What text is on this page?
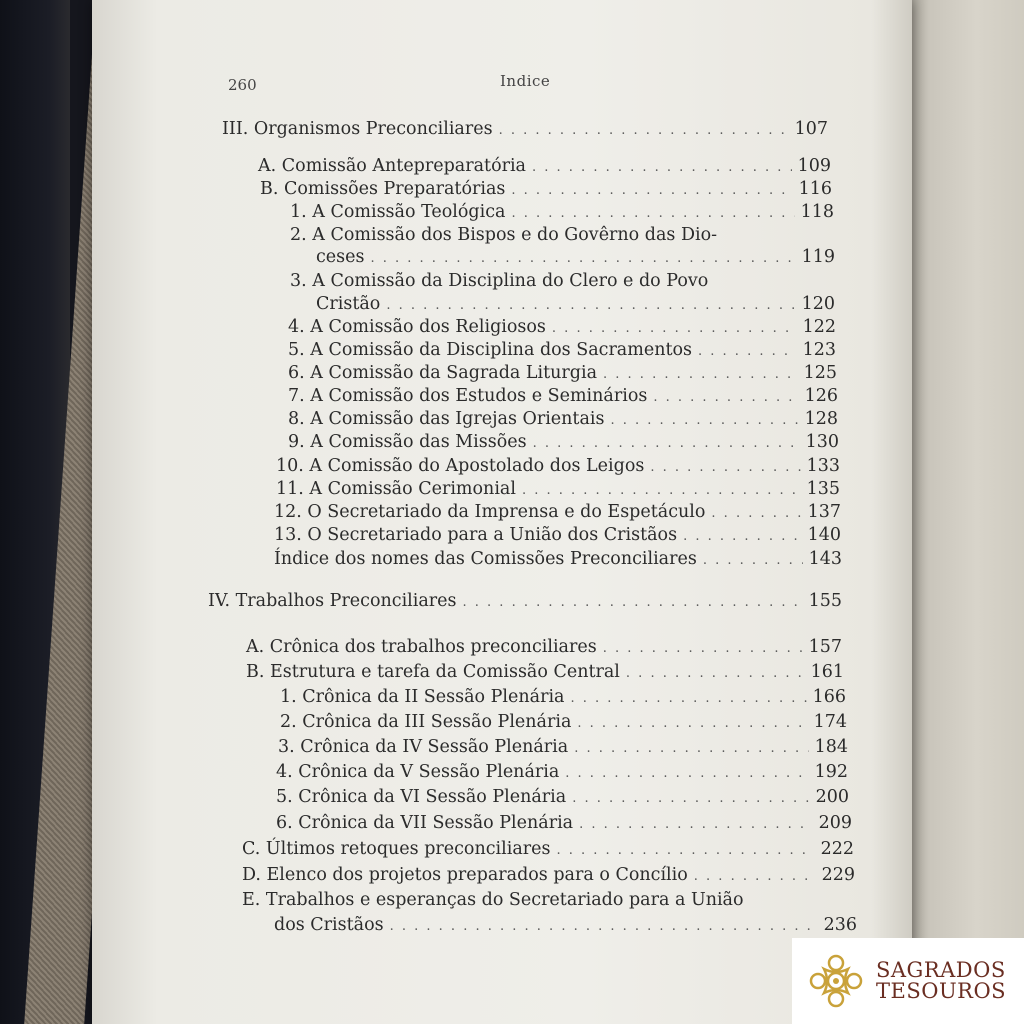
260	Indice
III. Organismos Preconciliares . . .	107
A. Comissão Antepreparatória . . .	109
B. Comissões Preparatórias . . .	116
1. A Comissão Teológica . . .	118
2. A Comissão dos Bispos e do Govêrno das Dio-
ceses . . .	119
3. A Comissão da Disciplina do Clero e do Povo
Cristão . . .	120
4. A Comissão dos Religiosos . . .	122
5. A Comissão da Disciplina dos Sacramentos . . .	123
6. A Comissão da Sagrada Liturgia . . .	125
7. A Comissão dos Estudos e Seminários . . .	126
8. A Comissão das Igrejas Orientais . . .	128
9. A Comissão das Missões . . .	130
10. A Comissão do Apostolado dos Leigos . . .	133
11. A Comissão Cerimonial . . .	135
12. O Secretariado da Imprensa e do Espetáculo . . .	137
13. O Secretariado para a União dos Cristãos . . .	140
Índice dos nomes das Comissões Preconciliares . . .	143
IV. Trabalhos Preconciliares . . .	155
A. Crônica dos trabalhos preconciliares . . .	157
B. Estrutura e tarefa da Comissão Central . . .	161
1. Crônica da II Sessão Plenária . . .	166
2. Crônica da III Sessão Plenária . . .	174
3. Crônica da IV Sessão Plenária . . .	184
4. Crônica da V Sessão Plenária . . .	192
5. Crônica da VI Sessão Plenária . . .	200
6. Crônica da VII Sessão Plenária . . .	209
C. Últimos retoques preconciliares . . .	222
D. Elenco dos projetos preparados para o Concílio . . .	229
E. Trabalhos e esperanças do Secretariado para a União
dos Cristãos . . .	236
SAGRADOS
TESOUROS
